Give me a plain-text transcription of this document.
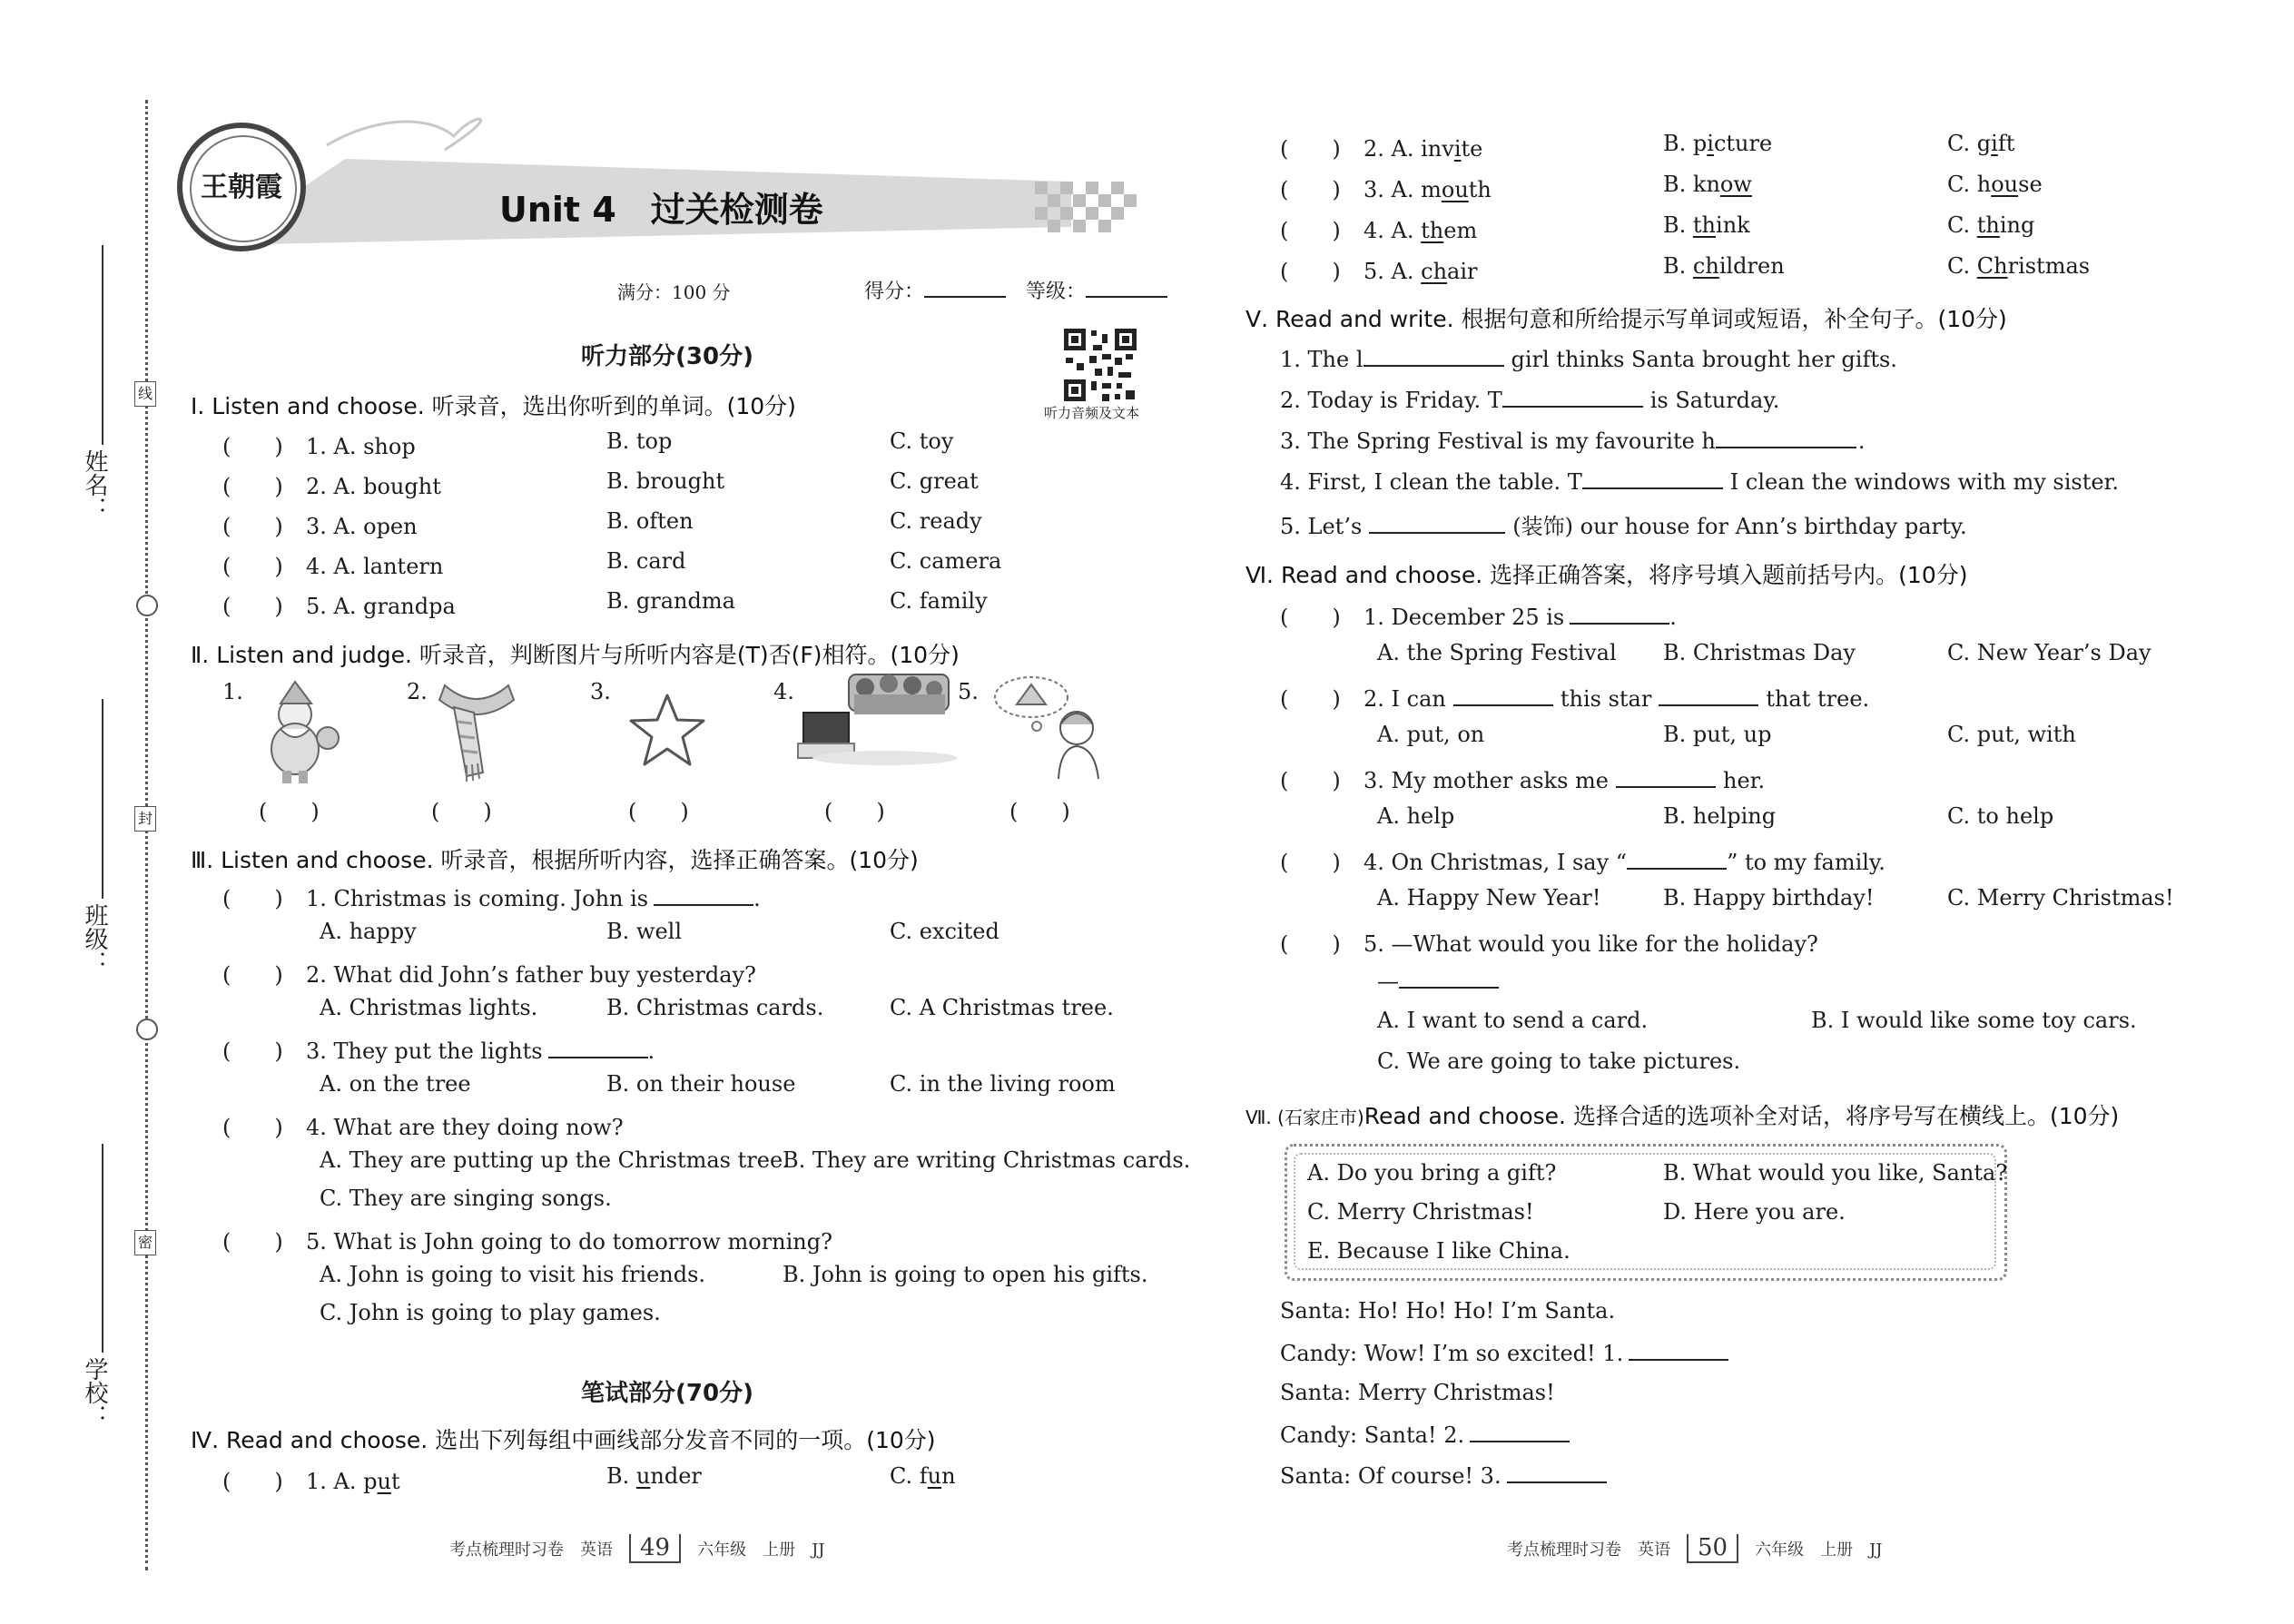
姓名：
班级：
学校：
线
封
密
王朝霞
Unit 4　过关检测卷
满分：100 分	得分：	等级：
听力音频及文本
听力部分(30分)
Ⅰ. Listen and choose. 听录音，选出你听到的单词。(10分)
(　　) 1. A. shop	B. top	C. toy
(　　) 2. A. bought	B. brought	C. great
(　　) 3. A. open	B. often	C. ready
(　　) 4. A. lantern	B. card	C. camera
(　　) 5. A. grandpa	B. grandma	C. family
Ⅱ. Listen and judge. 听录音，判断图片与所听内容是(T)否(F)相符。(10分)
1.
(　　)
2.
(　　)
3.
(　　)
4.
(　　)
5.
(　　)
Ⅲ. Listen and choose. 听录音，根据所听内容，选择正确答案。(10分)
(　　) 1. Christmas is coming. John is	.
A. happy	B. well	C. excited
(　　) 2. What did John’s father buy yesterday?
A. Christmas lights.	B. Christmas cards.	C. A Christmas tree.
(　　) 3. They put the lights	.
A. on the tree	B. on their house	C. in the living room
(　　) 4. What are they doing now?
A. They are putting up the Christmas tree.
B. They are writing Christmas cards.
C. They are singing songs.
(　　) 5. What is John going to do tomorrow morning?
A. John is going to visit his friends.	B. John is going to open his gifts.
C. John is going to play games.
笔试部分(70分)
Ⅳ. Read and choose. 选出下列每组中画线部分发音不同的一项。(10分)
(　　) 1. A. put	B. under	C. fun
考点梳理时习卷　英语 49 六年级　上册　JJ
(　　) 2. A. invite	B. picture	C. gift
(　　) 3. A. mouth	B. know	C. house
(　　) 4. A. them	B. think	C. thing
(　　) 5. A. chair	B. children	C. Christmas
Ⅴ. Read and write. 根据句意和所给提示写单词或短语，补全句子。(10分)
1. The l	girl thinks Santa brought her gifts.
2. Today is Friday. T	is Saturday.
3. The Spring Festival is my favourite h	.
4. First, I clean the table. T	I clean the windows with my sister.
5. Let’s	(装饰) our house for Ann’s birthday party.
Ⅵ. Read and choose. 选择正确答案，将序号填入题前括号内。(10分)
(　　) 1. December 25 is	.
A. the Spring Festival B. Christmas Day	C. New Year’s Day
(　　) 2. I can	this star	that tree.
A. put, on	B. put, up	C. put, with
(　　) 3. My mother asks me	her.
A. help	B. helping	C. to help
(　　) 4. On Christmas, I say “	” to my family.
A. Happy New Year!	B. Happy birthday!	C. Merry Christmas!
(　　) 5. —What would you like for the holiday?
—
A. I want to send a card.	B. I would like some toy cars.
C. We are going to take pictures.
Ⅶ. (石家庄市)Read and choose. 选择合适的选项补全对话，将序号写在横线上。(10分)
A. Do you bring a gift?	B. What would you like, Santa?
C. Merry Christmas!	D. Here you are.
E. Because I like China.
Santa: Ho! Ho! Ho! I’m Santa.
Candy: Wow! I’m so excited! 1.
Santa: Merry Christmas!
Candy: Santa! 2.
Santa: Of course! 3.
考点梳理时习卷　英语 50 六年级　上册　JJ
